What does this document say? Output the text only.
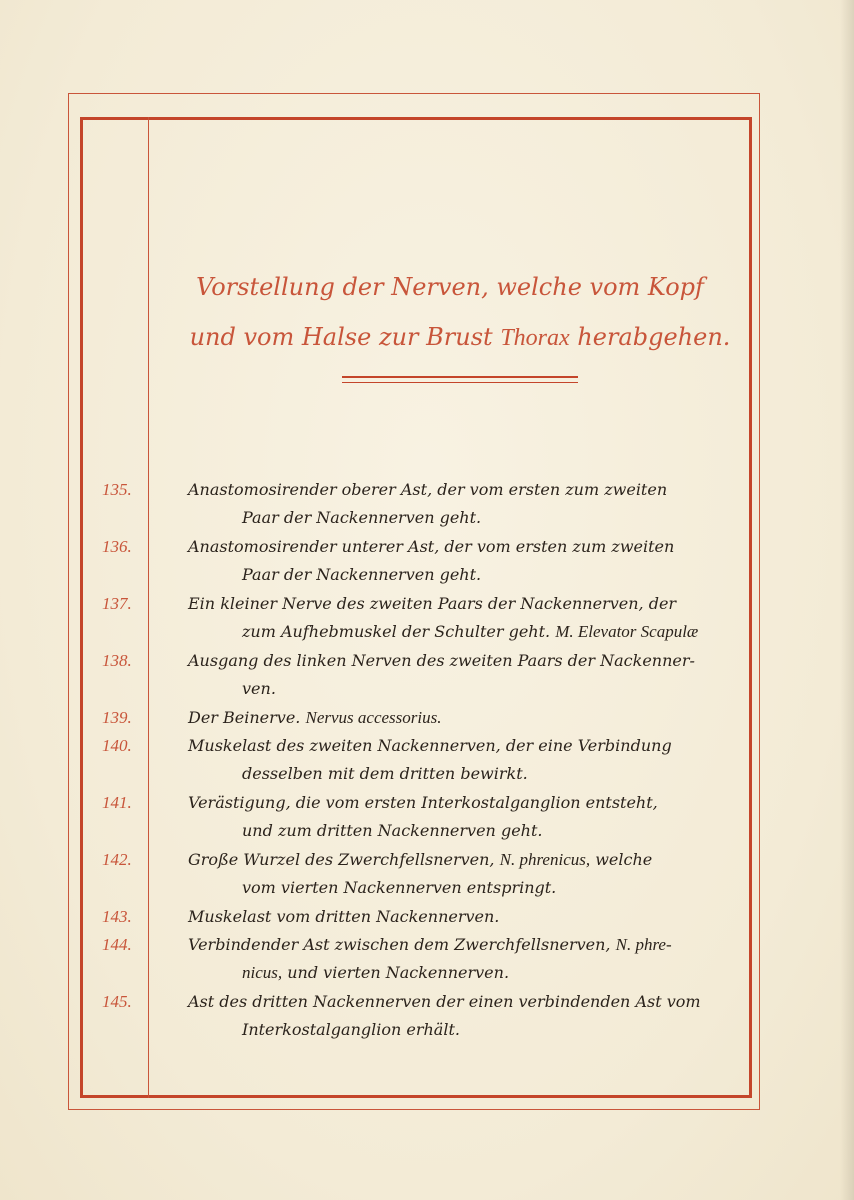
Vorstellung der Nerven, welche vom Kopf
und vom Halse zur Brust Thorax herabgehen.
135.	Anastomosirender oberer Ast, der vom ersten zum zweiten
Paar der Nackennerven geht.
136.	Anastomosirender unterer Ast, der vom ersten zum zweiten
Paar der Nackennerven geht.
137.	Ein kleiner Nerve des zweiten Paars der Nackennerven, der
zum Aufhebmuskel der Schulter geht. M. Elevator Scapulæ
138.	Ausgang des linken Nerven des zweiten Paars der Nackenner-
ven.
139.	Der Beinerve. Nervus accessorius.
140.	Muskelast des zweiten Nackennerven, der eine Verbindung
desselben mit dem dritten bewirkt.
141.	Verästigung, die vom ersten Interkostalganglion entsteht,
und zum dritten Nackennerven geht.
142.	Große Wurzel des Zwerchfellsnerven, N. phrenicus, welche
vom vierten Nackennerven entspringt.
143.	Muskelast vom dritten Nackennerven.
144.	Verbindender Ast zwischen dem Zwerchfellsnerven, N. phre-
nicus, und vierten Nackennerven.
145.	Ast des dritten Nackennerven der einen verbindenden Ast vom
Interkostalganglion erhält.
